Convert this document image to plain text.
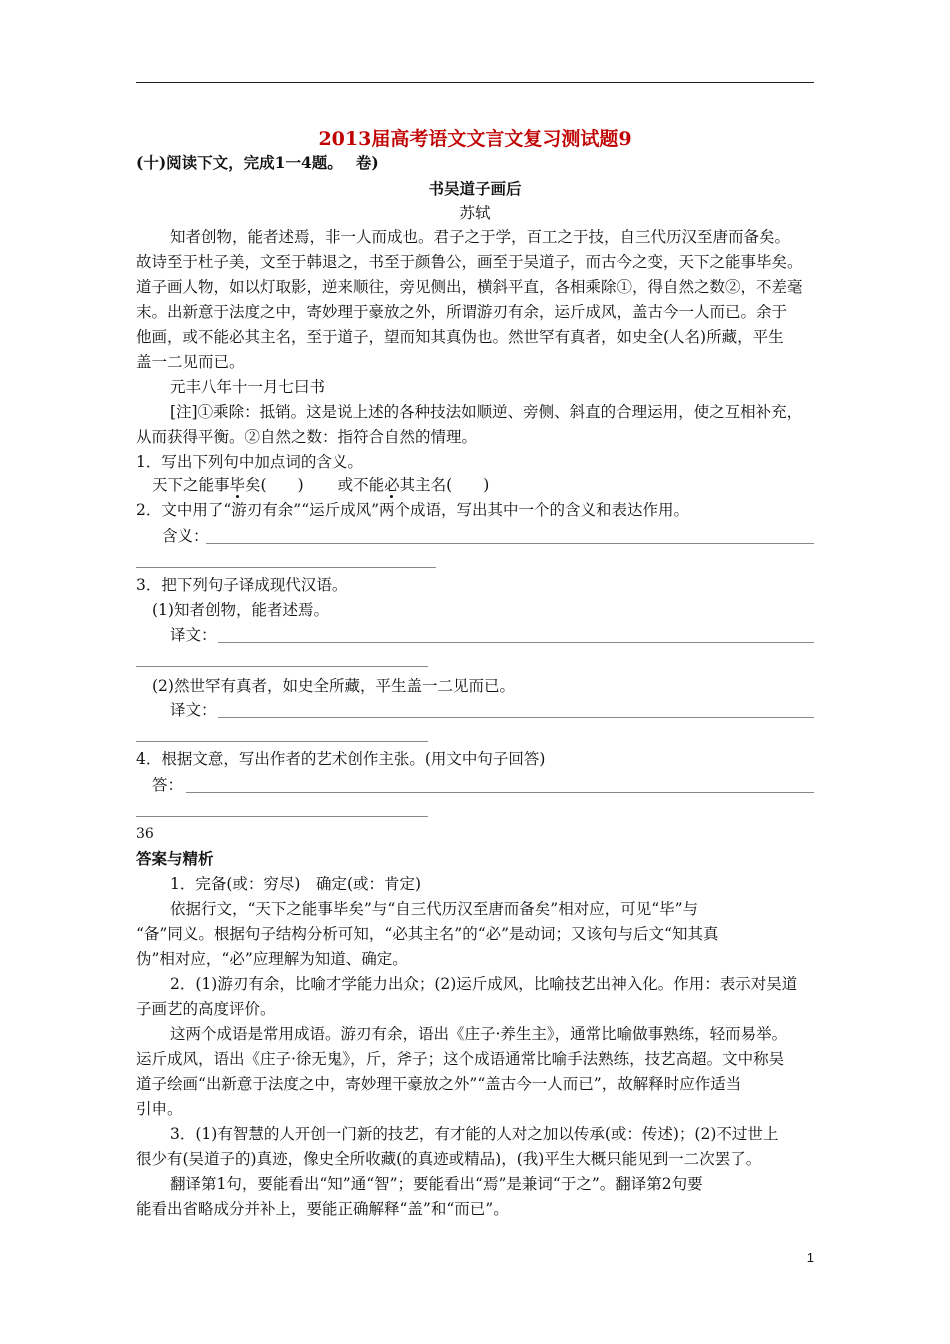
2013届高考语文文言文复习测试题9
(十)阅读下文，完成1一4题。　 卷)
书吴道子画后
苏轼
知者创物，能者述焉，非一人而成也。君子之于学，百工之于技，自三代历汉至唐而备矣。
故诗至于杜子美，文至于韩退之，书至于颜鲁公，画至于吴道子，而古今之变，天下之能事毕矣。
道子画人物，如以灯取影，逆来顺往，旁见侧出，横斜平直，各相乘除①，得自然之数②，不差毫
末。出新意于法度之中，寄妙理于豪放之外，所谓游刃有余，运斤成风，盖古今一人而已。余于
他画，或不能必其主名，至于道子，望而知其真伪也。然世罕有真者，如史全(人名)所藏，平生
盖一二见而已。
元丰八年十一月七曰书
[注]①乘除：抵销。这是说上述的各种技法如顺逆、旁侧、斜直的合理运用，使之互相补充，
从而获得平衡。②自然之数：指符合自然的情理。
1．写出下列句中加点词的含义。
天下之能事毕矣(　　) 或不能必其主名(　　)
2．文中用了“游刃有余”“运斤成风”两个成语，写出其中一个的含义和表达作用。
含义：
3．把下列句子译成现代汉语。
(1)知者创物，能者述焉。
译文：
(2)然世罕有真者，如史全所藏，平生盖一二见而已。
译文：
4．根据文意，写出作者的艺术创作主张。(用文中句子回答)
答：
36
答案与精析
1．完备(或：穷尽)　确定(或：肯定)
依据行文，“天下之能事毕矣”与“自三代历汉至唐而备矣”相对应，可见“毕”与
“备”同义。根据句子结构分析可知，“必其主名”的“必”是动词；又该句与后文“知其真
伪”相对应，“必”应理解为知道、确定。
2．(1)游刃有余，比喻才学能力出众；(2)运斤成风，比喻技艺出神入化。作用：表示对吴道
子画艺的高度评价。
这两个成语是常用成语。游刃有余，语出《庄子·养生主》，通常比喻做事熟练，轻而易举。
运斤成风，语出《庄子·徐无鬼》，斤，斧子；这个成语通常比喻手法熟练，技艺高超。文中称吴
道子绘画“出新意于法度之中，寄妙理干豪放之外”“盖古今一人而已”，故解释时应作适当
引申。
3．(1)有智慧的人开创一门新的技艺，有才能的人对之加以传承(或：传述)；(2)不过世上
很少有(吴道子的)真迹，像史全所收藏(的真迹或精品)，(我)平生大概只能见到一二次罢了。
翻译第1句，要能看出“知”通“智”；要能看出“焉”是兼词“于之”。翻译第2句要
能看出省略成分并补上，要能正确解释“盖”和“而已”。
1
